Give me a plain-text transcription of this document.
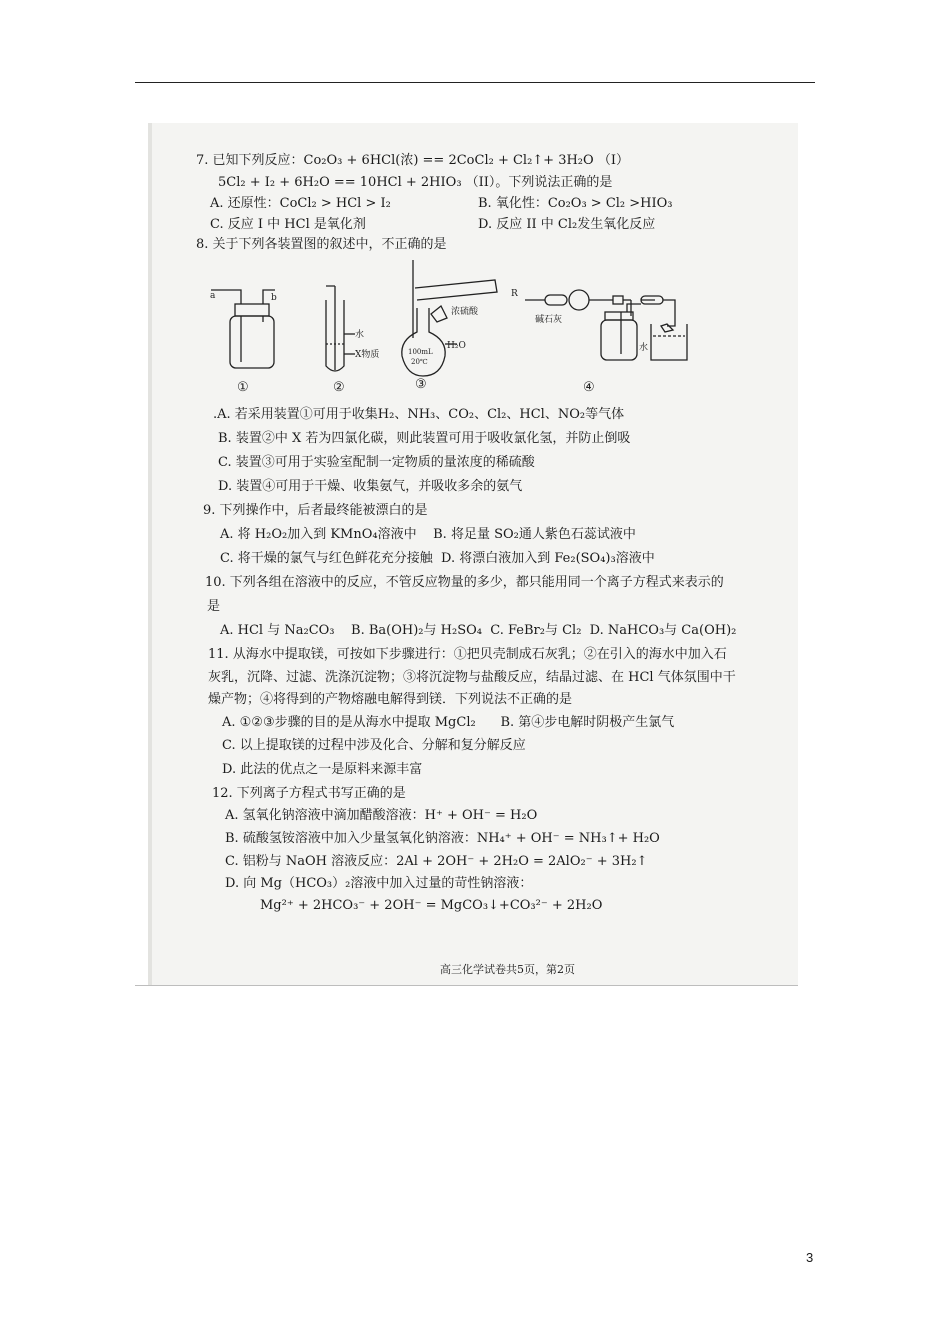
7. 已知下列反应：Co₂O₃ + 6HCl(浓) == 2CoCl₂ + Cl₂↑+ 3H₂O （I）
5Cl₂ + I₂ + 6H₂O == 10HCl + 2HIO₃ （II）。下列说法正确的是
A. 还原性：CoCl₂ > HCl > I₂	B. 氧化性：Co₂O₃ > Cl₂ >HIO₃
C. 反应 I 中 HCl 是氧化剂	D. 反应 II 中 Cl₂发生氧化反应
8. 关于下列各装置图的叙述中，不正确的是
a	b
水
X物质
浓硫酸
100mL
20℃
H₂O
R
碱石灰
水
①	②	③	④
.A. 若采用装置①可用于收集H₂、NH₃、CO₂、Cl₂、HCl、NO₂等气体
B. 装置②中 X 若为四氯化碳，则此装置可用于吸收氯化氢，并防止倒吸
C. 装置③可用于实验室配制一定物质的量浓度的稀硫酸
D. 装置④可用于干燥、收集氨气，并吸收多余的氨气
9. 下列操作中，后者最终能被漂白的是
A. 将 H₂O₂加入到 KMnO₄溶液中    B. 将足量 SO₂通人紫色石蕊试液中
C. 将干燥的氯气与红色鲜花充分接触  D. 将漂白液加入到 Fe₂(SO₄)₃溶液中
10. 下列各组在溶液中的反应，不管反应物量的多少，都只能用同一个离子方程式来表示的
是
A. HCl 与 Na₂CO₃    B. Ba(OH)₂与 H₂SO₄  C. FeBr₂与 Cl₂  D. NaHCO₃与 Ca(OH)₂
11. 从海水中提取镁，可按如下步骤进行：①把贝壳制成石灰乳；②在引入的海水中加入石
灰乳，沉降、过滤、洗涤沉淀物；③将沉淀物与盐酸反应，结晶过滤、在 HCl 气体氛围中干
燥产物；④将得到的产物熔融电解得到镁．下列说法不正确的是
A. ①②③步骤的目的是从海水中提取 MgCl₂      B. 第④步电解时阴极产生氯气
C. 以上提取镁的过程中涉及化合、分解和复分解反应
D. 此法的优点之一是原料来源丰富
12. 下列离子方程式书写正确的是
A. 氢氧化钠溶液中滴加醋酸溶液：H⁺ + OH⁻ = H₂O
B. 硫酸氢铵溶液中加入少量氢氧化钠溶液：NH₄⁺ + OH⁻ = NH₃↑+ H₂O
C. 铝粉与 NaOH 溶液反应：2Al + 2OH⁻ + 2H₂O = 2AlO₂⁻ + 3H₂↑
D. 向 Mg（HCO₃）₂溶液中加入过量的苛性钠溶液：
Mg²⁺ + 2HCO₃⁻ + 2OH⁻ = MgCO₃↓+CO₃²⁻ + 2H₂O
高三化学试卷共5页，第2页
3
